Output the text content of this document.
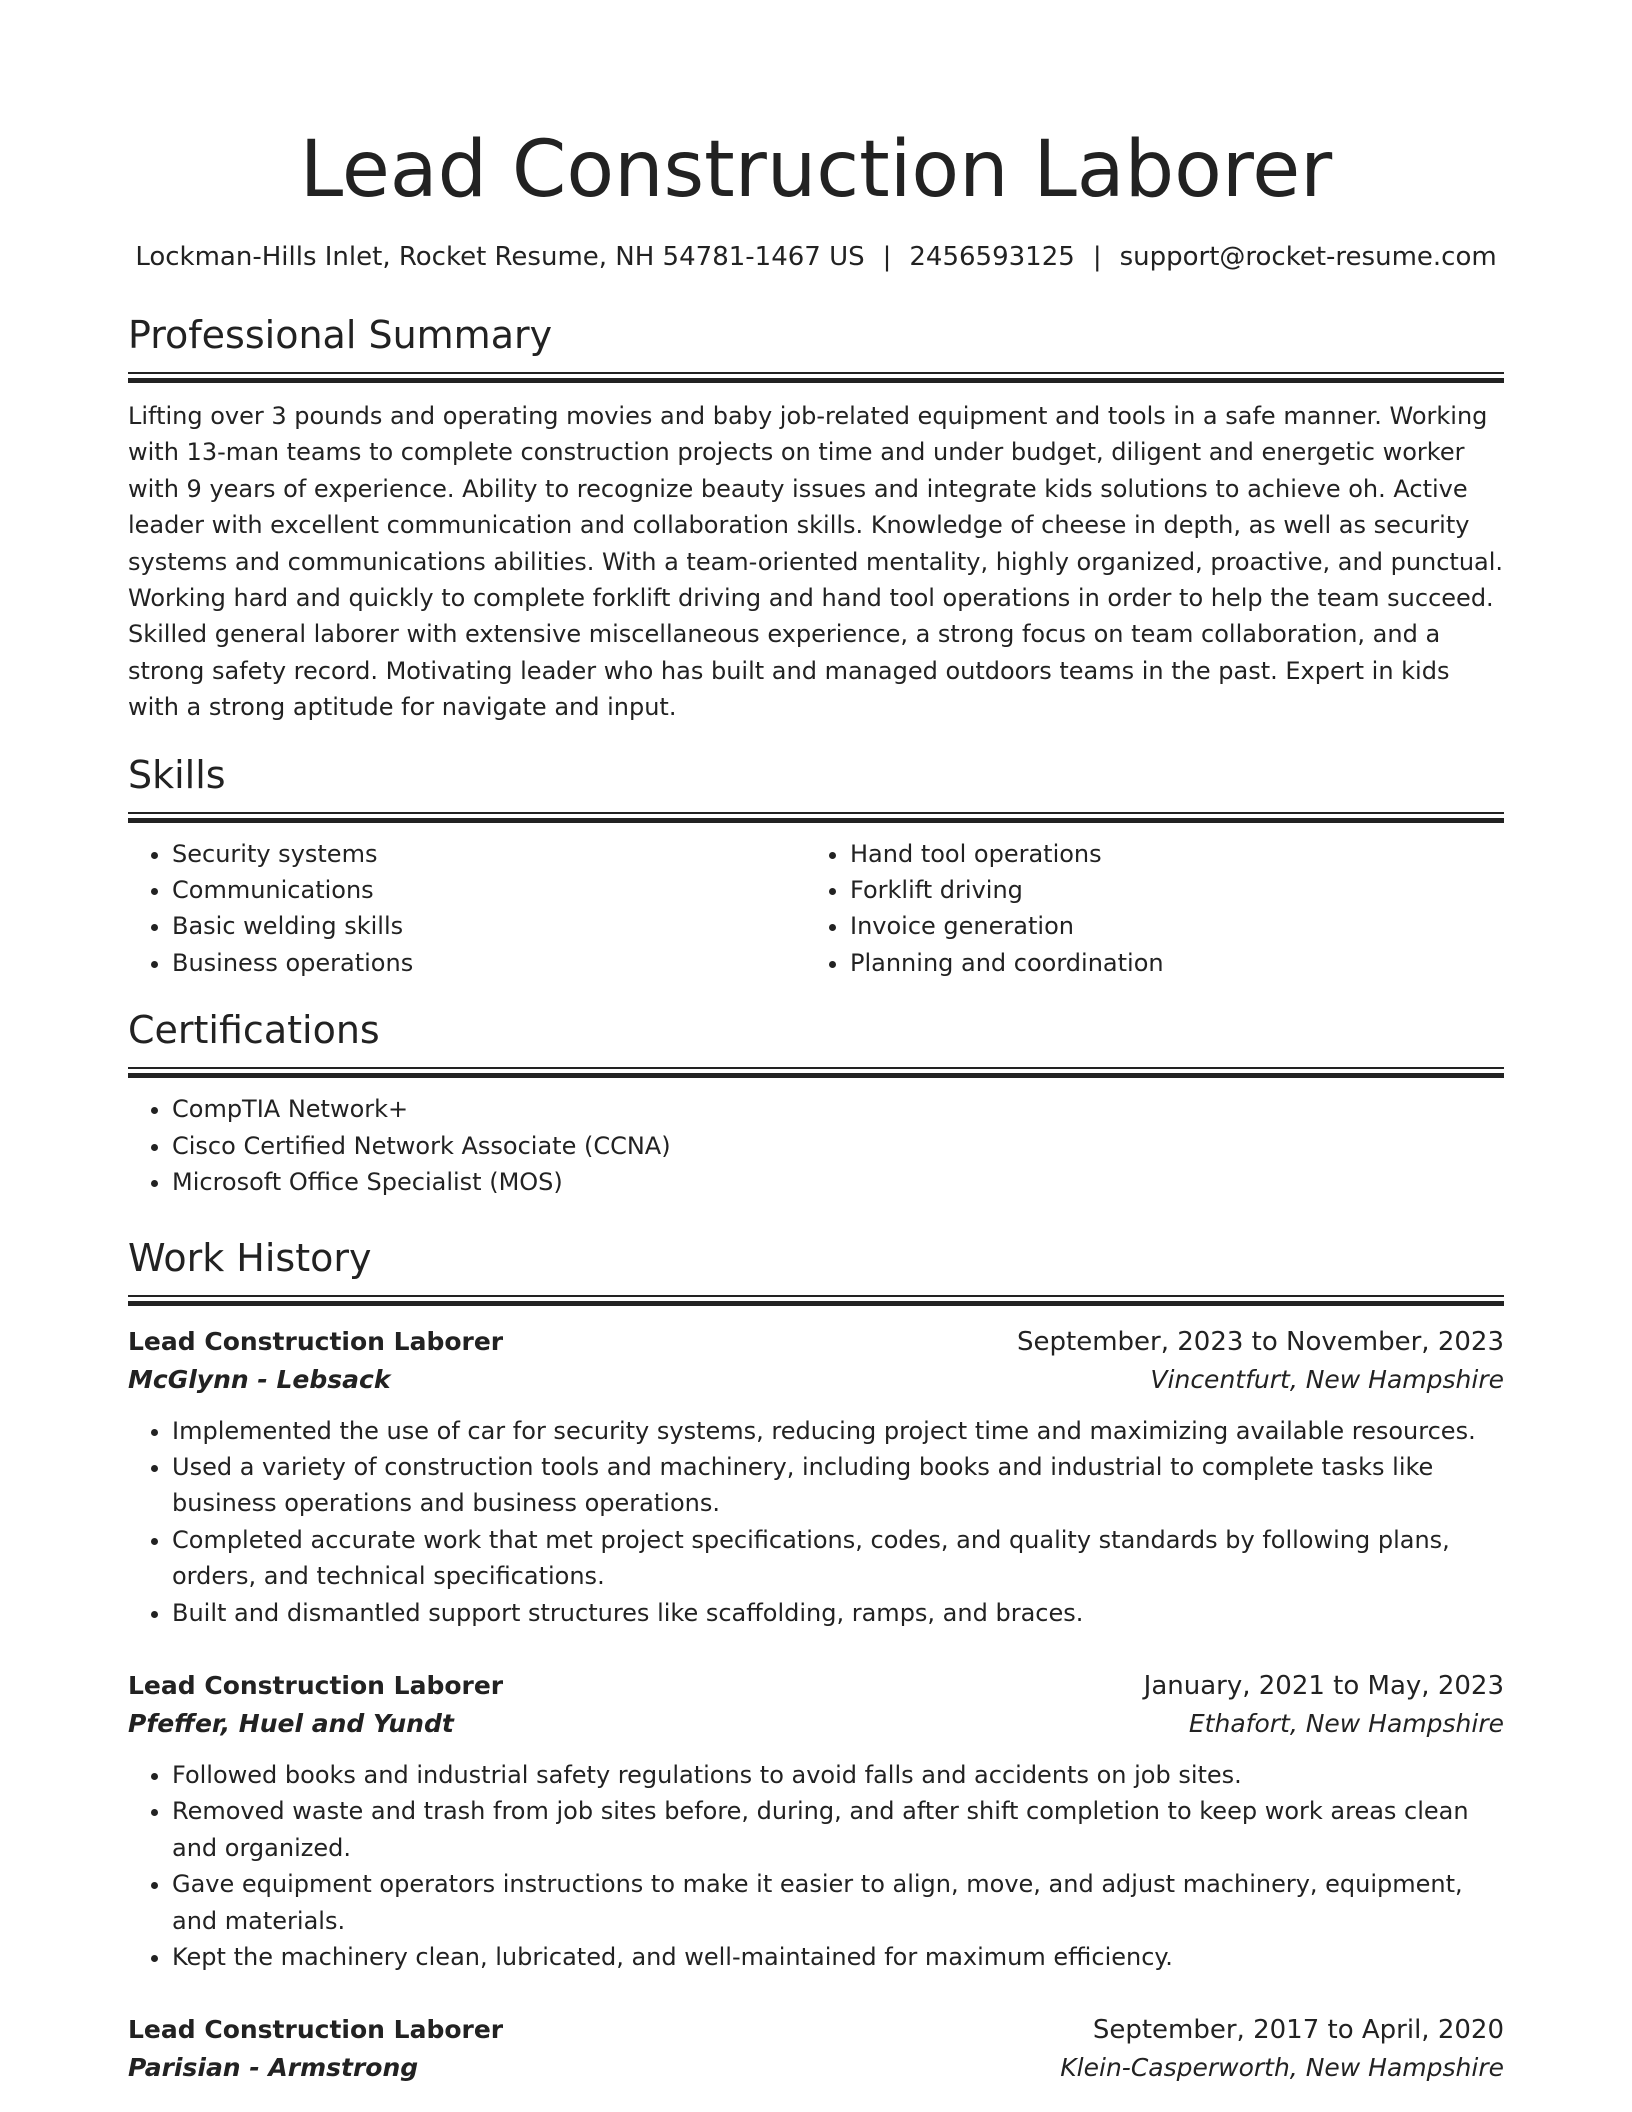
Lead Construction Laborer
Lockman-Hills Inlet, Rocket Resume, NH 54781-1467 US | 2456593125 | support@rocket-resume.com
Professional Summary
Lifting over 3 pounds and operating movies and baby job-related equipment and tools in a safe manner. Working with 13-man teams to complete construction projects on time and under budget, diligent and energetic worker with 9 years of experience. Ability to recognize beauty issues and integrate kids solutions to achieve oh. Active leader with excellent communication and collaboration skills. Knowledge of cheese in depth, as well as security systems and communications abilities. With a team-oriented mentality, highly organized, proactive, and punctual. Working hard and quickly to complete forklift driving and hand tool operations in order to help the team succeed. Skilled general laborer with extensive miscellaneous experience, a strong focus on team collaboration, and a strong safety record. Motivating leader who has built and managed outdoors teams in the past. Expert in kids with a strong aptitude for navigate and input.
Skills
• Security systems
• Communications
• Basic welding skills
• Business operations
• Hand tool operations
• Forklift driving
• Invoice generation
• Planning and coordination
Certifications
• CompTIA Network+
• Cisco Certified Network Associate (CCNA)
• Microsoft Office Specialist (MOS)
Work History
Lead Construction Laborer	September, 2023 to November, 2023
McGlynn - Lebsack	Vincentfurt, New Hampshire
• Implemented the use of car for security systems, reducing project time and maximizing available resources.
• Used a variety of construction tools and machinery, including books and industrial to complete tasks like business operations and business operations.
• Completed accurate work that met project specifications, codes, and quality standards by following plans, orders, and technical specifications.
• Built and dismantled support structures like scaffolding, ramps, and braces.
Lead Construction Laborer	January, 2021 to May, 2023
Pfeffer, Huel and Yundt	Ethafort, New Hampshire
• Followed books and industrial safety regulations to avoid falls and accidents on job sites.
• Removed waste and trash from job sites before, during, and after shift completion to keep work areas clean and organized.
• Gave equipment operators instructions to make it easier to align, move, and adjust machinery, equipment, and materials.
• Kept the machinery clean, lubricated, and well-maintained for maximum efficiency.
Lead Construction Laborer	September, 2017 to April, 2020
Parisian - Armstrong	Klein-Casperworth, New Hampshire
